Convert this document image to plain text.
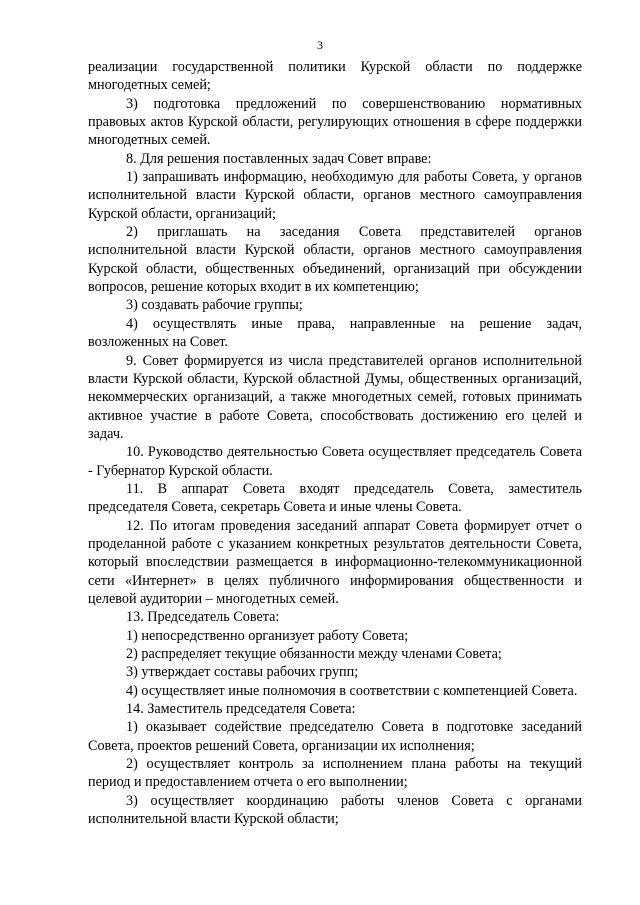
3

реализации государственной политики Курской области по поддержке многодетных семей;

3) подготовка предложений по совершенствованию нормативных правовых актов Курской области, регулирующих отношения в сфере поддержки многодетных семей.

8. Для решения поставленных задач Совет вправе:

1) запрашивать информацию, необходимую для работы Совета, у органов исполнительной власти Курской области, органов местного самоуправления Курской области, организаций;

2) приглашать на заседания Совета представителей органов исполнительной власти Курской области, органов местного самоуправления Курской области, общественных объединений, организаций при обсуждении вопросов, решение которых входит в их компетенцию;

3) создавать рабочие группы;

4) осуществлять иные права, направленные на решение задач, возложенных на Совет.

9. Совет формируется из числа представителей органов исполнительной власти Курской области, Курской областной Думы, общественных организаций, некоммерческих организаций, а также многодетных семей, готовых принимать активное участие в работе Совета, способствовать достижению его целей и задач.

10. Руководство деятельностью Совета осуществляет председатель Совета - Губернатор Курской области.

11. В аппарат Совета входят председатель Совета, заместитель председателя Совета, секретарь Совета и иные члены Совета.

12. По итогам проведения заседаний аппарат Совета формирует отчет о проделанной работе с указанием конкретных результатов деятельности Совета, который впоследствии размещается в информационно-телекоммуникационной сети «Интернет» в целях публичного информирования общественности и целевой аудитории – многодетных семей.

13. Председатель Совета:

1) непосредственно организует работу Совета;

2) распределяет текущие обязанности между членами Совета;

3) утверждает составы рабочих групп;

4) осуществляет иные полномочия в соответствии с компетенцией Совета.

14. Заместитель председателя Совета:

1) оказывает содействие председателю Совета в подготовке заседаний Совета, проектов решений Совета, организации их исполнения;

2) осуществляет контроль за исполнением плана работы на текущий период и предоставлением отчета о его выполнении;

3) осуществляет координацию работы членов Совета с органами исполнительной власти Курской области;
